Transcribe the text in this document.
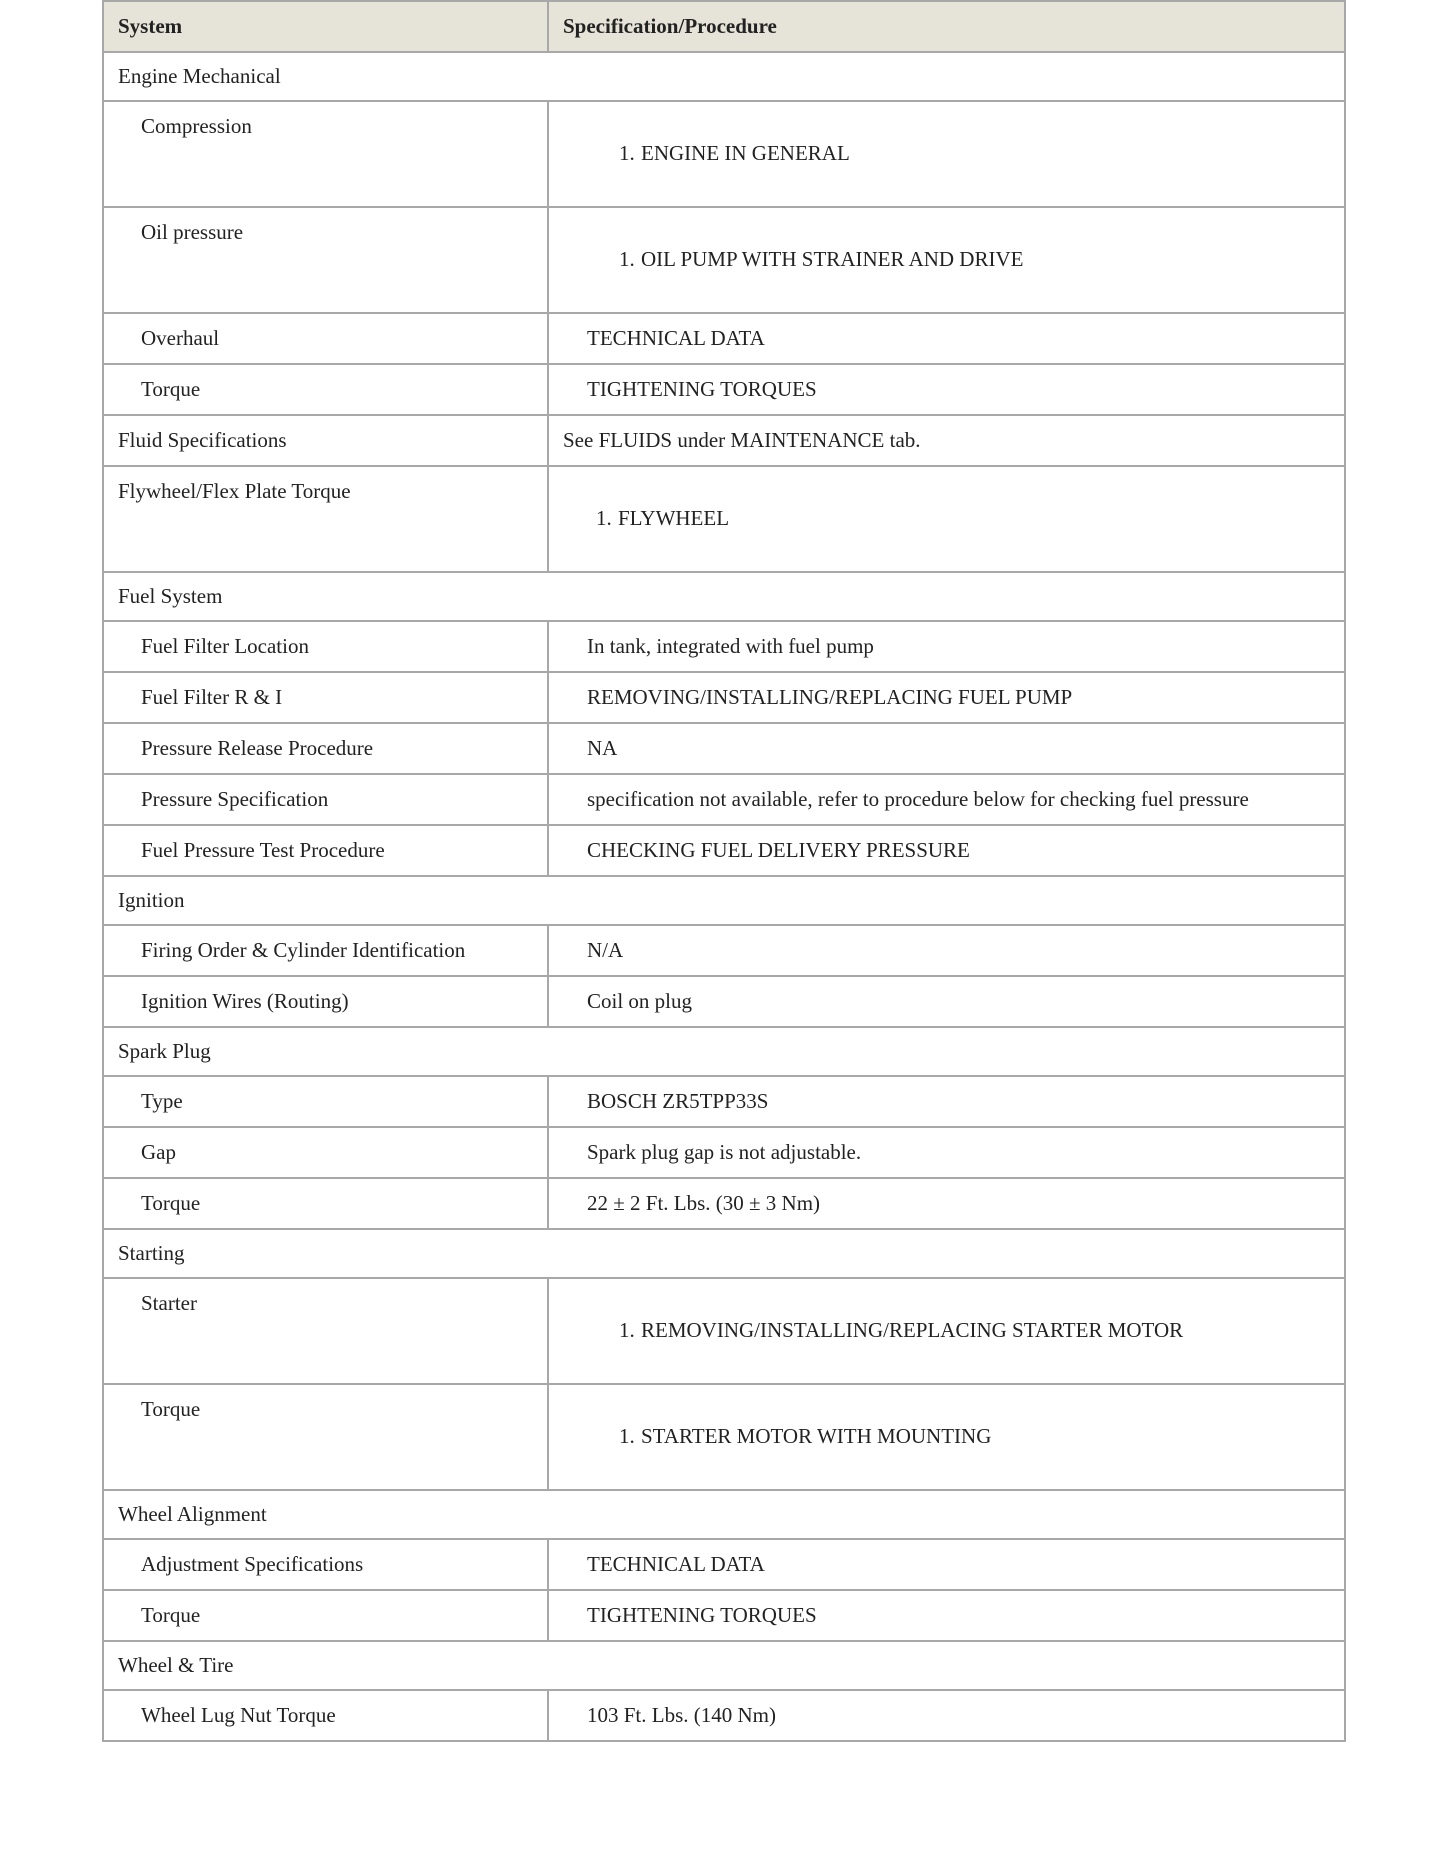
System	Specification/Procedure
Engine Mechanical	
Compression	1. ENGINE IN GENERAL

Oil pressure	1. OIL PUMP WITH STRAINER AND DRIVE

Overhaul	TECHNICAL DATA
Torque	TIGHTENING TORQUES
Fluid Specifications	See FLUIDS under MAINTENANCE tab.
Flywheel/Flex Plate Torque	1. FLYWHEEL

Fuel System	
Fuel Filter Location	In tank, integrated with fuel pump
Fuel Filter R & I	REMOVING/INSTALLING/REPLACING FUEL PUMP
Pressure Release Procedure	NA
Pressure Specification	specification not available, refer to procedure below for checking fuel pressure
Fuel Pressure Test Procedure	CHECKING FUEL DELIVERY PRESSURE
Ignition	
Firing Order & Cylinder Identification	N/A
Ignition Wires (Routing)	Coil on plug
Spark Plug	
Type	BOSCH ZR5TPP33S
Gap	Spark plug gap is not adjustable.
Torque	22 ± 2 Ft. Lbs. (30 ± 3 Nm)
Starting	
Starter	1. REMOVING/INSTALLING/REPLACING STARTER MOTOR

Torque	1. STARTER MOTOR WITH MOUNTING

Wheel Alignment	
Adjustment Specifications	TECHNICAL DATA
Torque	TIGHTENING TORQUES
Wheel & Tire	
Wheel Lug Nut Torque	103 Ft. Lbs. (140 Nm)
